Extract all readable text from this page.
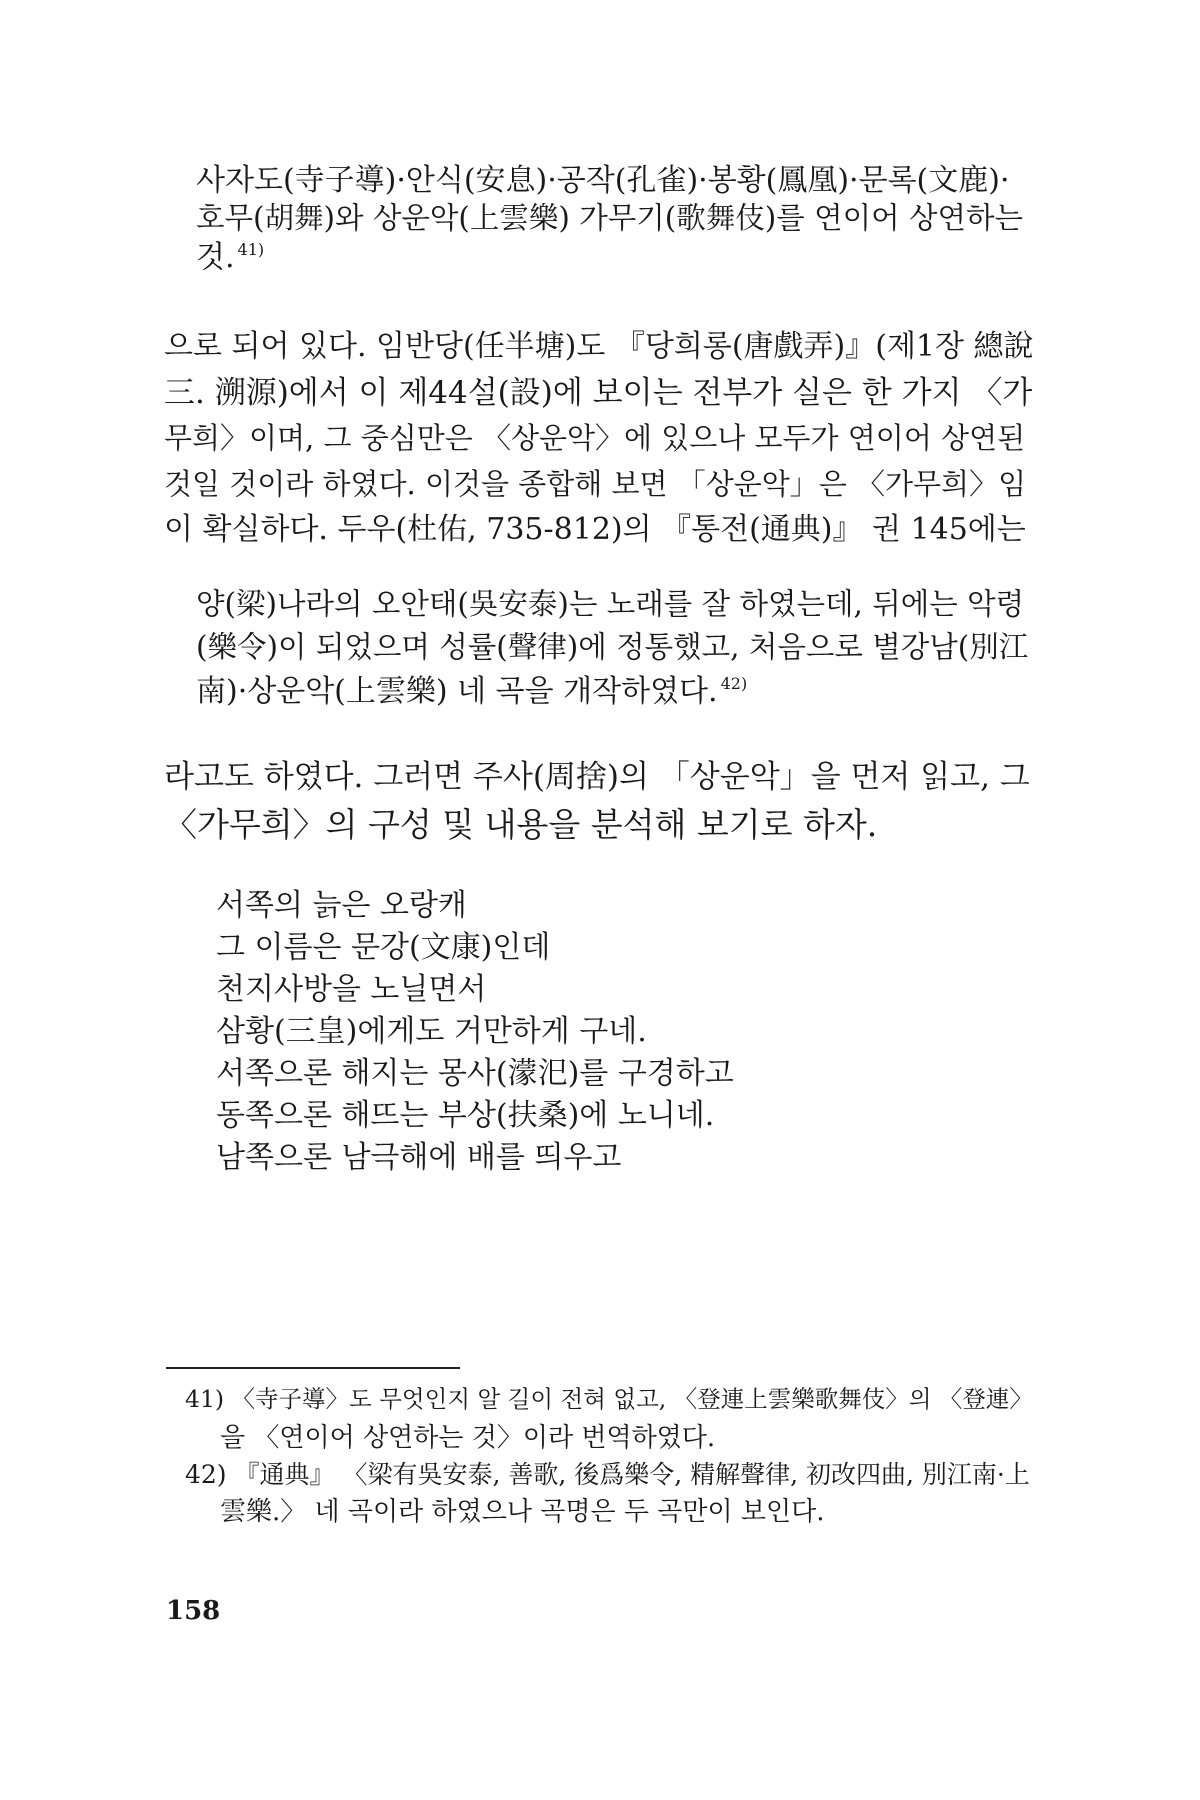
사자도(寺子導)·안식(安息)·공작(孔雀)·봉황(鳳凰)·문록(文鹿)·
호무(胡舞)와 상운악(上雲樂) 가무기(歌舞伎)를 연이어 상연하는
것. $^{41)}$
으로 되어 있다. 임반당(任半塘)도 『당희롱(唐戲弄)』(제1장 總說
三. 溯源)에서 이 제44설(設)에 보이는 전부가 실은 한 가지 〈가
무희〉이며, 그 중심만은 〈상운악〉에 있으나 모두가 연이어 상연된
것일 것이라 하였다. 이것을 종합해 보면 「상운악」은 〈가무희〉임
이 확실하다. 두우(杜佑, 735-812)의 『통전(通典)』 권 145에는
양(梁)나라의 오안태(吳安泰)는 노래를 잘 하였는데, 뒤에는 악령
(樂令)이 되었으며 성률(聲律)에 정통했고, 처음으로 별강남(別江
南)·상운악(上雲樂) 네 곡을 개작하였다. $^{42)}$
라고도 하였다. 그러면 주사(周捨)의 「상운악」을 먼저 읽고, 그
〈가무희〉의 구성 및 내용을 분석해 보기로 하자.
서쪽의 늙은 오랑캐
그 이름은 문강(文康)인데
천지사방을 노닐면서
삼황(三皇)에게도 거만하게 구네.
서쪽으론 해지는 몽사(濛汜)를 구경하고
동쪽으론 해뜨는 부상(扶桑)에 노니네.
남쪽으론 남극해에 배를 띄우고
41) 〈寺子導〉도 무엇인지 알 길이 전혀 없고, 〈登連上雲樂歌舞伎〉의 〈登連〉
을 〈연이어 상연하는 것〉이라 번역하였다.
42) 『通典』 〈梁有吳安泰, 善歌, 後爲樂令, 精解聲律, 初改四曲, 別江南·上
雲樂.〉 네 곡이라 하였으나 곡명은 두 곡만이 보인다.
158
